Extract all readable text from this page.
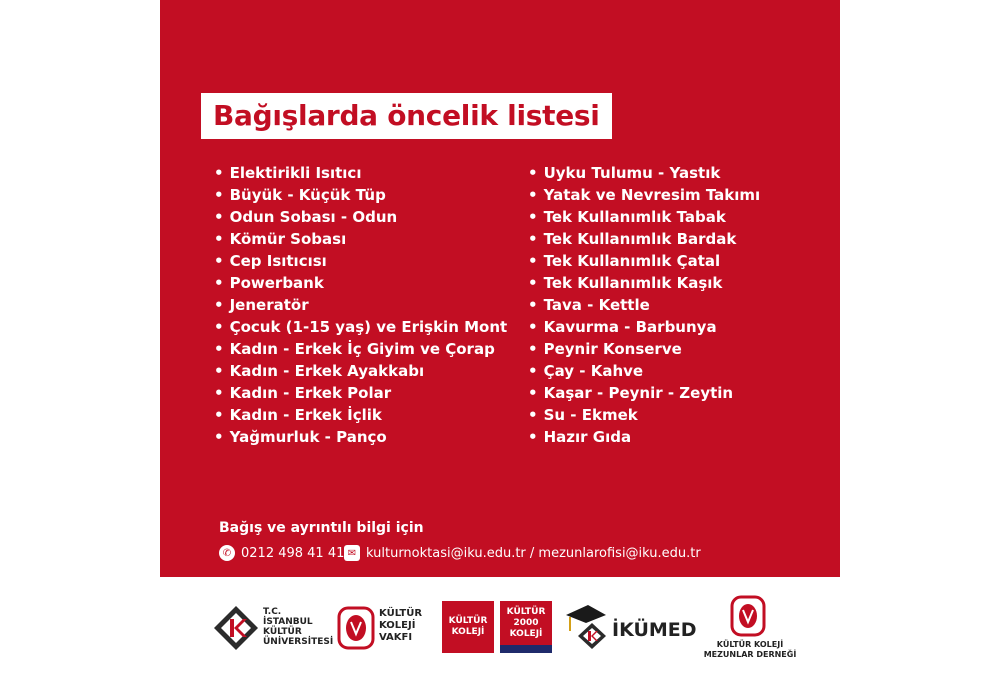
Bağışlarda öncelik listesi
• Elektirikli Isıtıcı
• Büyük - Küçük Tüp
• Odun Sobası - Odun
• Kömür Sobası
• Cep Isıtıcısı
• Powerbank
• Jeneratör
• Çocuk (1-15 yaş) ve Erişkin Mont
• Kadın - Erkek İç Giyim ve Çorap
• Kadın - Erkek Ayakkabı
• Kadın - Erkek Polar
• Kadın - Erkek İçlik
• Yağmurluk - Panço
• Uyku Tulumu - Yastık
• Yatak ve Nevresim Takımı
• Tek Kullanımlık Tabak
• Tek Kullanımlık Bardak
• Tek Kullanımlık Çatal
• Tek Kullanımlık Kaşık
• Tava - Kettle
• Kavurma - Barbunya
• Peynir Konserve
• Çay - Kahve
• Kaşar - Peynir - Zeytin
• Su - Ekmek
• Hazır Gıda
Bağış ve ayrıntılı bilgi için
✆ 0212 498 41 41 ✉ kulturnoktasi@iku.edu.tr / mezunlarofisi@iku.edu.tr
T.C.
İSTANBUL
KÜLTÜR
ÜNİVERSİTESİ
KÜLTÜR
KOLEJİ
VAKFI
KÜLTÜR
KOLEJİ
KÜLTÜR
2000
KOLEJİ	İKÜMED
KÜLTÜR KOLEJİ
MEZUNLAR DERNEĞİ
